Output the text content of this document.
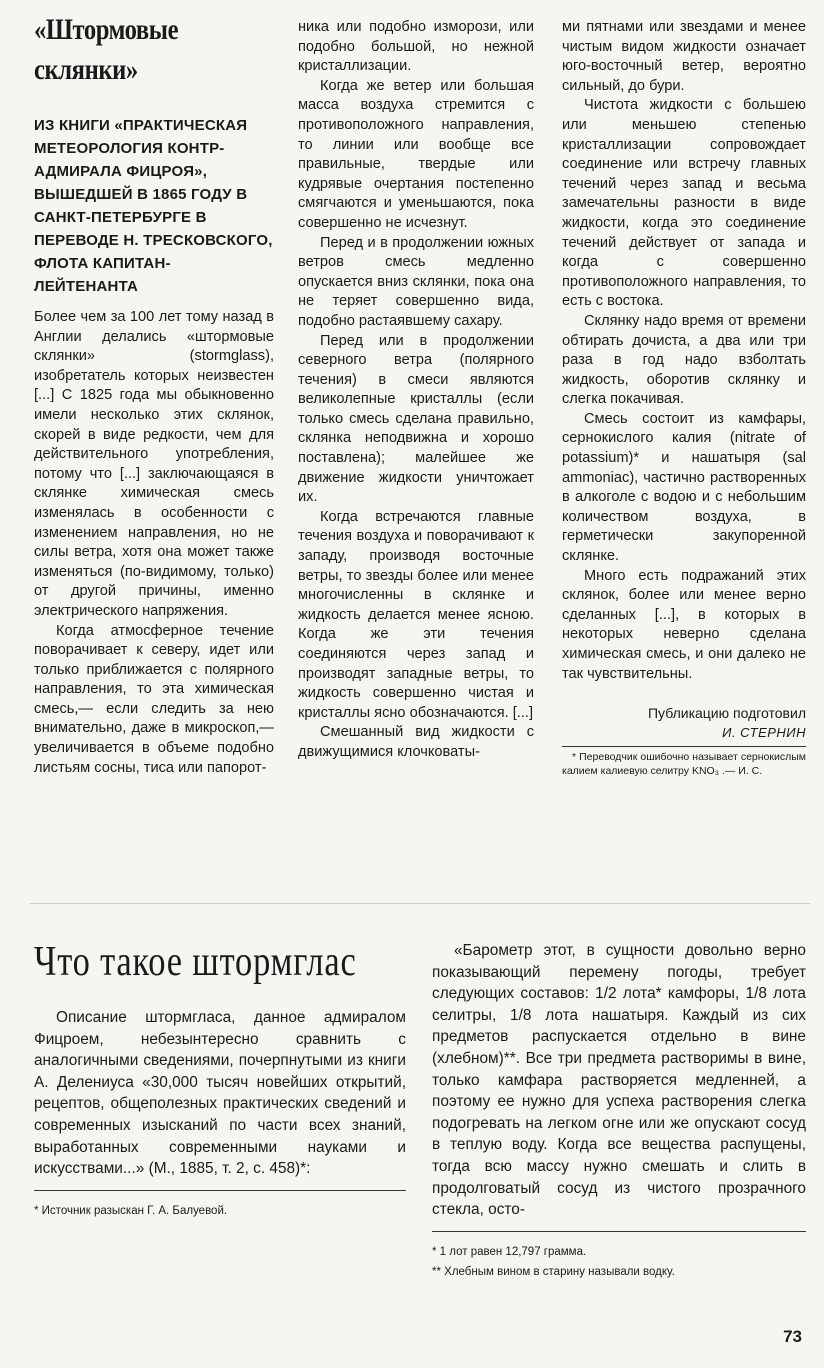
«Штормовые склянки»
ИЗ КНИГИ «ПРАКТИЧЕСКАЯ МЕТЕОРОЛОГИЯ КОНТР-АДМИРАЛА ФИЦРОЯ», ВЫШЕДШЕЙ В 1865 ГОДУ В САНКТ-ПЕТЕРБУРГЕ В ПЕРЕВОДЕ Н. ТРЕСКОВСКОГО, ФЛОТА КАПИТАН-ЛЕЙТЕНАНТА

Более чем за 100 лет тому назад в Англии делались «штормовые склянки» (stormglass), изобретатель которых неизвестен [...] С 1825 года мы обыкновенно имели несколько этих склянок, скорей в виде редкости, чем для действительного употребления, потому что [...] заключающаяся в склянке химическая смесь изменялась в особенности с изменением направления, но не силы ветра, хотя она может также изменяться (по-видимому, только) от другой причины, именно электрического напряжения.

Когда атмосферное течение поворачивает к северу, идет или только приближается с полярного направления, то эта химическая смесь,— если следить за нею внимательно, даже в микроскоп,— увеличивается в объеме подобно листьям сосны, тиса или папорот-

ника или подобно изморози, или подобно большой, но нежной кристаллизации.

Когда же ветер или большая масса воздуха стремится с противоположного направления, то линии или вообще все правильные, твердые или кудрявые очертания постепенно смягчаются и уменьшаются, пока совершенно не исчезнут.

Перед и в продолжении южных ветров смесь медленно опускается вниз склянки, пока она не теряет совершенно вида, подобно растаявшему сахару.

Перед или в продолжении северного ветра (полярного течения) в смеси являются великолепные кристаллы (если только смесь сделана правильно, склянка неподвижна и хорошо поставлена); малейшее же движение жидкости уничтожает их.

Когда встречаются главные течения воздуха и поворачивают к западу, производя восточные ветры, то звезды более или менее многочисленны в склянке и жидкость делается менее ясною. Когда же эти течения соединяются через запад и производят западные ветры, то жидкость совершенно чистая и кристаллы ясно обозначаются. [...]

Смешанный вид жидкости с движущимися клочковаты-

ми пятнами или звездами и менее чистым видом жидкости означает юго-восточный ветер, вероятно сильный, до бури.

Чистота жидкости с большею или меньшею степенью кристаллизации сопровождает соединение или встречу главных течений через запад и весьма замечательны разности в виде жидкости, когда это соединение течений действует от запада и когда с совершенно противоположного направления, то есть с востока.

Склянку надо время от времени обтирать дочиста, а два или три раза в год надо взболтать жидкость, оборотив склянку и слегка покачивая.

Смесь состоит из камфары, сернокислого калия (nitrate of potassium)* и нашатыря (sal ammoniac), частично растворенных в алкоголе с водою и с небольшим количеством воздуха, в герметически закупоренной склянке.

Много есть подражаний этих склянок, более или менее верно сделанных [...], в которых в некоторых неверно сделана химическая смесь, и они далеко не так чувствительны.

Публикацию подготовил
И. СТЕРНИН
* Переводчик ошибочно называет сернокислым калием калиевую селитру KNO₃ .— И. С.
Что такое штормглас

Описание штормгласа, данное адмиралом Фицроем, небезынтересно сравнить с аналогичными сведениями, почерпнутыми из книги А. Делениуса «30,000 тысяч новейших открытий, рецептов, общеполезных практических сведений и современных изысканий по части всех знаний, выработанных современными науками и искусствами...» (М., 1885, т. 2, с. 458)*:

* Источник разыскан Г. А. Балуевой.

«Барометр этот, в сущности довольно верно показывающий перемену погоды, требует следующих составов: 1/2 лота* камфоры, 1/8 лота селитры, 1/8 лота нашатыря. Каждый из сих предметов распускается отдельно в вине (хлебном)**. Все три предмета растворимы в вине, только камфара растворяется медленней, а поэтому ее нужно для успеха растворения слегка подогревать на легком огне или же опускают сосуд в теплую воду. Когда все вещества распущены, тогда всю массу нужно смешать и слить в продолговатый сосуд из чистого прозрачного стекла, осто-

* 1 лот равен 12,797 грамма.
** Хлебным вином в старину называли водку.
73
